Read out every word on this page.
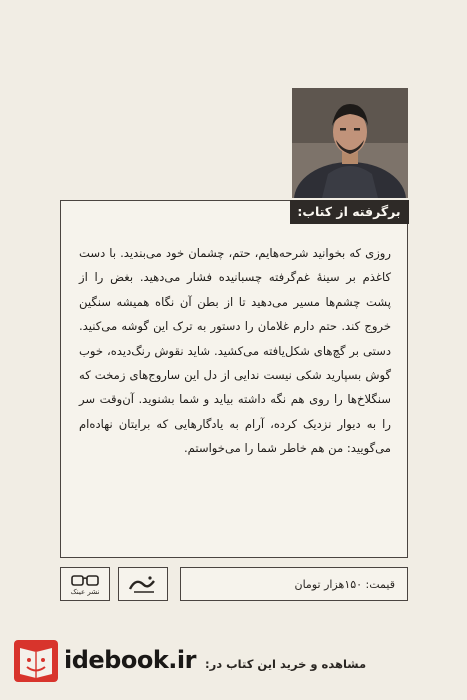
برگرفته از کتاب:

روزی که بخوانید شرحه‌هایم، حتم، چشمان خود می‌بندید. با دست کاغذم بر سینهٔ غم‌گرفته چسبانیده فشار می‌دهید. بغض را از پشت چشم‌ها مسیر می‌دهید تا از بطن آن نگاه همیشه سنگین خروج کند. حتم دارم غلامان را دستور به ترک این گوشه می‌کنید. دستی بر گچ‌های شکل‌یافته می‌کشید. شاید نقوش رنگ‌دیده، خوب گوش بسپارید شکی نیست ندایی از دل این ساروج‌های زمخت که سنگلاخ‌ها را روی هم نگه داشته بیاید و شما بشنوید. آن‌وقت سر را به دیوار نزدیک کرده، آرام به یادگارهایی که برایتان نهاده‌ام می‌گویید: من هم خاطر شما را می‌خواستم.

نشر عینک
قیمت: ۱۵۰هزار تومان
idebook.ir مشاهده و خرید این کتاب در:
